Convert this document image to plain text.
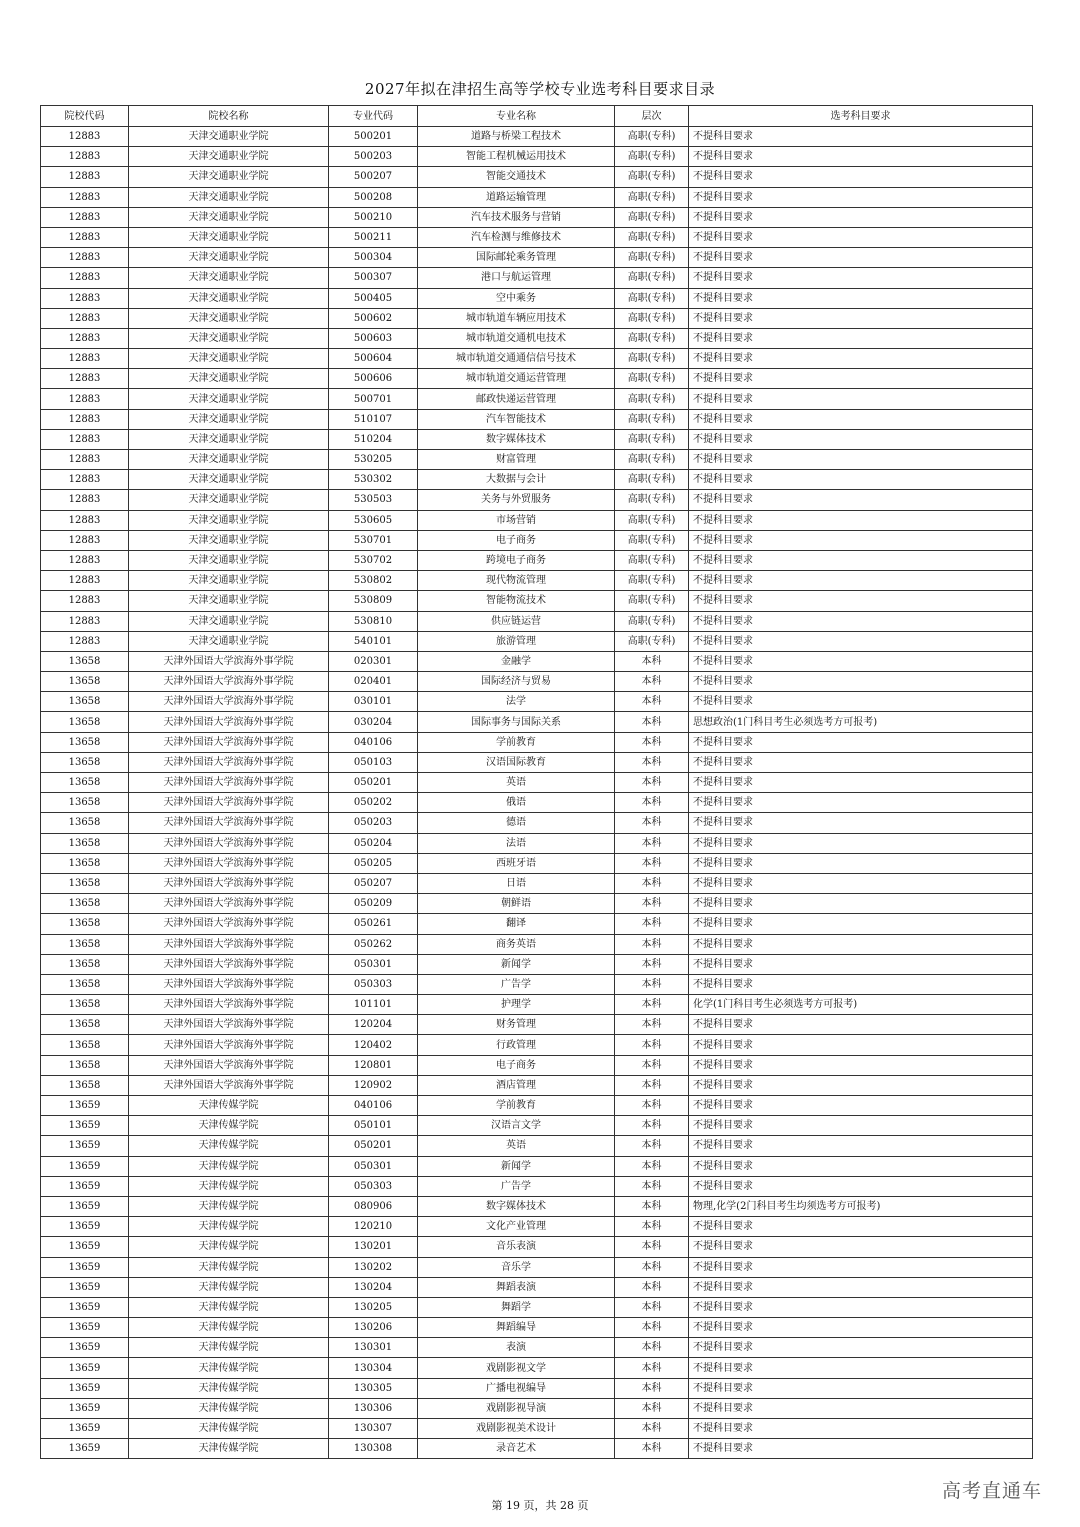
2027年拟在津招生高等学校专业选考科目要求目录
院校代码	院校名称	专业代码	专业名称	层次	选考科目要求
12883	天津交通职业学院	500201	道路与桥梁工程技术	高职(专科)	不提科目要求
12883	天津交通职业学院	500203	智能工程机械运用技术	高职(专科)	不提科目要求
12883	天津交通职业学院	500207	智能交通技术	高职(专科)	不提科目要求
12883	天津交通职业学院	500208	道路运输管理	高职(专科)	不提科目要求
12883	天津交通职业学院	500210	汽车技术服务与营销	高职(专科)	不提科目要求
12883	天津交通职业学院	500211	汽车检测与维修技术	高职(专科)	不提科目要求
12883	天津交通职业学院	500304	国际邮轮乘务管理	高职(专科)	不提科目要求
12883	天津交通职业学院	500307	港口与航运管理	高职(专科)	不提科目要求
12883	天津交通职业学院	500405	空中乘务	高职(专科)	不提科目要求
12883	天津交通职业学院	500602	城市轨道车辆应用技术	高职(专科)	不提科目要求
12883	天津交通职业学院	500603	城市轨道交通机电技术	高职(专科)	不提科目要求
12883	天津交通职业学院	500604	城市轨道交通通信信号技术	高职(专科)	不提科目要求
12883	天津交通职业学院	500606	城市轨道交通运营管理	高职(专科)	不提科目要求
12883	天津交通职业学院	500701	邮政快递运营管理	高职(专科)	不提科目要求
12883	天津交通职业学院	510107	汽车智能技术	高职(专科)	不提科目要求
12883	天津交通职业学院	510204	数字媒体技术	高职(专科)	不提科目要求
12883	天津交通职业学院	530205	财富管理	高职(专科)	不提科目要求
12883	天津交通职业学院	530302	大数据与会计	高职(专科)	不提科目要求
12883	天津交通职业学院	530503	关务与外贸服务	高职(专科)	不提科目要求
12883	天津交通职业学院	530605	市场营销	高职(专科)	不提科目要求
12883	天津交通职业学院	530701	电子商务	高职(专科)	不提科目要求
12883	天津交通职业学院	530702	跨境电子商务	高职(专科)	不提科目要求
12883	天津交通职业学院	530802	现代物流管理	高职(专科)	不提科目要求
12883	天津交通职业学院	530809	智能物流技术	高职(专科)	不提科目要求
12883	天津交通职业学院	530810	供应链运营	高职(专科)	不提科目要求
12883	天津交通职业学院	540101	旅游管理	高职(专科)	不提科目要求
13658	天津外国语大学滨海外事学院	020301	金融学	本科	不提科目要求
13658	天津外国语大学滨海外事学院	020401	国际经济与贸易	本科	不提科目要求
13658	天津外国语大学滨海外事学院	030101	法学	本科	不提科目要求
13658	天津外国语大学滨海外事学院	030204	国际事务与国际关系	本科	思想政治(1门科目考生必须选考方可报考)
13658	天津外国语大学滨海外事学院	040106	学前教育	本科	不提科目要求
13658	天津外国语大学滨海外事学院	050103	汉语国际教育	本科	不提科目要求
13658	天津外国语大学滨海外事学院	050201	英语	本科	不提科目要求
13658	天津外国语大学滨海外事学院	050202	俄语	本科	不提科目要求
13658	天津外国语大学滨海外事学院	050203	德语	本科	不提科目要求
13658	天津外国语大学滨海外事学院	050204	法语	本科	不提科目要求
13658	天津外国语大学滨海外事学院	050205	西班牙语	本科	不提科目要求
13658	天津外国语大学滨海外事学院	050207	日语	本科	不提科目要求
13658	天津外国语大学滨海外事学院	050209	朝鲜语	本科	不提科目要求
13658	天津外国语大学滨海外事学院	050261	翻译	本科	不提科目要求
13658	天津外国语大学滨海外事学院	050262	商务英语	本科	不提科目要求
13658	天津外国语大学滨海外事学院	050301	新闻学	本科	不提科目要求
13658	天津外国语大学滨海外事学院	050303	广告学	本科	不提科目要求
13658	天津外国语大学滨海外事学院	101101	护理学	本科	化学(1门科目考生必须选考方可报考)
13658	天津外国语大学滨海外事学院	120204	财务管理	本科	不提科目要求
13658	天津外国语大学滨海外事学院	120402	行政管理	本科	不提科目要求
13658	天津外国语大学滨海外事学院	120801	电子商务	本科	不提科目要求
13658	天津外国语大学滨海外事学院	120902	酒店管理	本科	不提科目要求
13659	天津传媒学院	040106	学前教育	本科	不提科目要求
13659	天津传媒学院	050101	汉语言文学	本科	不提科目要求
13659	天津传媒学院	050201	英语	本科	不提科目要求
13659	天津传媒学院	050301	新闻学	本科	不提科目要求
13659	天津传媒学院	050303	广告学	本科	不提科目要求
13659	天津传媒学院	080906	数字媒体技术	本科	物理,化学(2门科目考生均须选考方可报考)
13659	天津传媒学院	120210	文化产业管理	本科	不提科目要求
13659	天津传媒学院	130201	音乐表演	本科	不提科目要求
13659	天津传媒学院	130202	音乐学	本科	不提科目要求
13659	天津传媒学院	130204	舞蹈表演	本科	不提科目要求
13659	天津传媒学院	130205	舞蹈学	本科	不提科目要求
13659	天津传媒学院	130206	舞蹈编导	本科	不提科目要求
13659	天津传媒学院	130301	表演	本科	不提科目要求
13659	天津传媒学院	130304	戏剧影视文学	本科	不提科目要求
13659	天津传媒学院	130305	广播电视编导	本科	不提科目要求
13659	天津传媒学院	130306	戏剧影视导演	本科	不提科目要求
13659	天津传媒学院	130307	戏剧影视美术设计	本科	不提科目要求
13659	天津传媒学院	130308	录音艺术	本科	不提科目要求
第 19 页，共 28 页
高考直通车
